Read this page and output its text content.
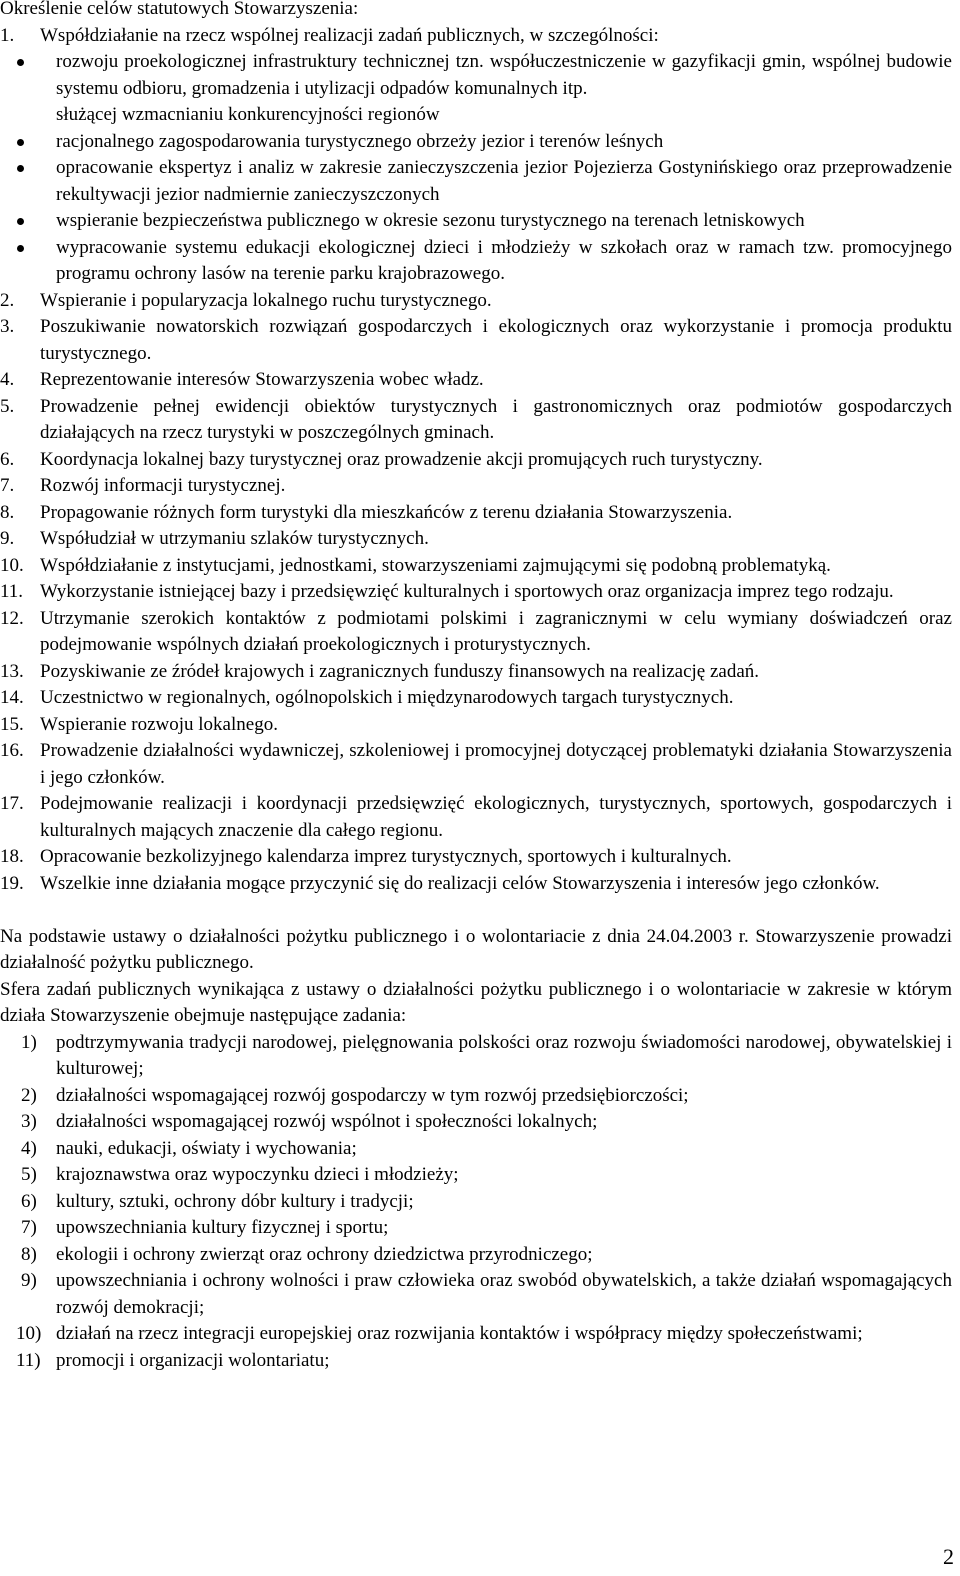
Określenie celów statutowych Stowarzyszenia:

1. Współdziałanie na rzecz wspólnej realizacji zadań publicznych, w szczególności:
rozwoju proekologicznej infrastruktury technicznej tzn. współuczestniczenie w gazyfikacji gmin, wspólnej budowie systemu odbioru, gromadzenia i utylizacji odpadów komunalnych itp.
służącej wzmacnianiu konkurencyjności regionów
racjonalnego zagospodarowania turystycznego obrzeży jezior i terenów leśnych
opracowanie ekspertyz i analiz w zakresie zanieczyszczenia jezior Pojezierza Gostynińskiego oraz przeprowadzenie rekultywacji jezior nadmiernie zanieczyszczonych
wspieranie bezpieczeństwa publicznego w okresie sezonu turystycznego na terenach letniskowych
wypracowanie systemu edukacji ekologicznej dzieci i młodzieży w szkołach oraz w ramach tzw. promocyjnego programu ochrony lasów na terenie parku krajobrazowego.
2. Wspieranie i popularyzacja lokalnego ruchu turystycznego.
3. Poszukiwanie nowatorskich rozwiązań gospodarczych i ekologicznych oraz wykorzystanie i promocja produktu turystycznego.
4. Reprezentowanie interesów Stowarzyszenia wobec władz.
5. Prowadzenie pełnej ewidencji obiektów turystycznych i gastronomicznych oraz podmiotów gospodarczych działających na rzecz turystyki w poszczególnych gminach.
6. Koordynacja lokalnej bazy turystycznej oraz prowadzenie akcji promujących ruch turystyczny.
7. Rozwój informacji turystycznej.
8. Propagowanie różnych form turystyki dla mieszkańców z terenu działania Stowarzyszenia.
9. Współudział w utrzymaniu szlaków turystycznych.
10. Współdziałanie z instytucjami, jednostkami, stowarzyszeniami zajmującymi się podobną problematyką.
11. Wykorzystanie istniejącej bazy i przedsięwzięć kulturalnych i sportowych oraz organizacja imprez tego rodzaju.
12. Utrzymanie szerokich kontaktów z podmiotami polskimi i zagranicznymi w celu wymiany doświadczeń oraz podejmowanie wspólnych działań proekologicznych i proturystycznych.
13. Pozyskiwanie ze źródeł krajowych i zagranicznych funduszy finansowych na realizację zadań.
14. Uczestnictwo w regionalnych, ogólnopolskich i międzynarodowych targach turystycznych.
15. Wspieranie rozwoju lokalnego.
16. Prowadzenie działalności wydawniczej, szkoleniowej i promocyjnej dotyczącej problematyki działania Stowarzyszenia i jego członków.
17. Podejmowanie realizacji i koordynacji przedsięwzięć ekologicznych, turystycznych, sportowych, gospodarczych i kulturalnych mających znaczenie dla całego regionu.
18. Opracowanie bezkolizyjnego kalendarza imprez turystycznych, sportowych i kulturalnych.
19. Wszelkie inne działania mogące przyczynić się do realizacji celów Stowarzyszenia i interesów jego członków.

Na podstawie ustawy o działalności pożytku publicznego i o wolontariacie z dnia 24.04.2003 r. Stowarzyszenie prowadzi działalność pożytku publicznego.

Sfera zadań publicznych wynikająca z ustawy o działalności pożytku publicznego i o wolontariacie w zakresie w którym działa Stowarzyszenie obejmuje następujące zadania:

1) podtrzymywania tradycji narodowej, pielęgnowania polskości oraz rozwoju świadomości narodowej, obywatelskiej i kulturowej;
2) działalności wspomagającej rozwój gospodarczy w tym rozwój przedsiębiorczości;
3) działalności wspomagającej rozwój wspólnot i społeczności lokalnych;
4) nauki, edukacji, oświaty i wychowania;
5) krajoznawstwa oraz wypoczynku dzieci i młodzieży;
6) kultury, sztuki, ochrony dóbr kultury i tradycji;
7) upowszechniania kultury fizycznej i sportu;
8) ekologii i ochrony zwierząt oraz ochrony dziedzictwa przyrodniczego;
9) upowszechniania i ochrony wolności i praw człowieka oraz swobód obywatelskich, a także działań wspomagających rozwój demokracji;
10) działań na rzecz integracji europejskiej oraz rozwijania kontaktów i współpracy między społeczeństwami;
11) promocji i organizacji wolontariatu;
2
